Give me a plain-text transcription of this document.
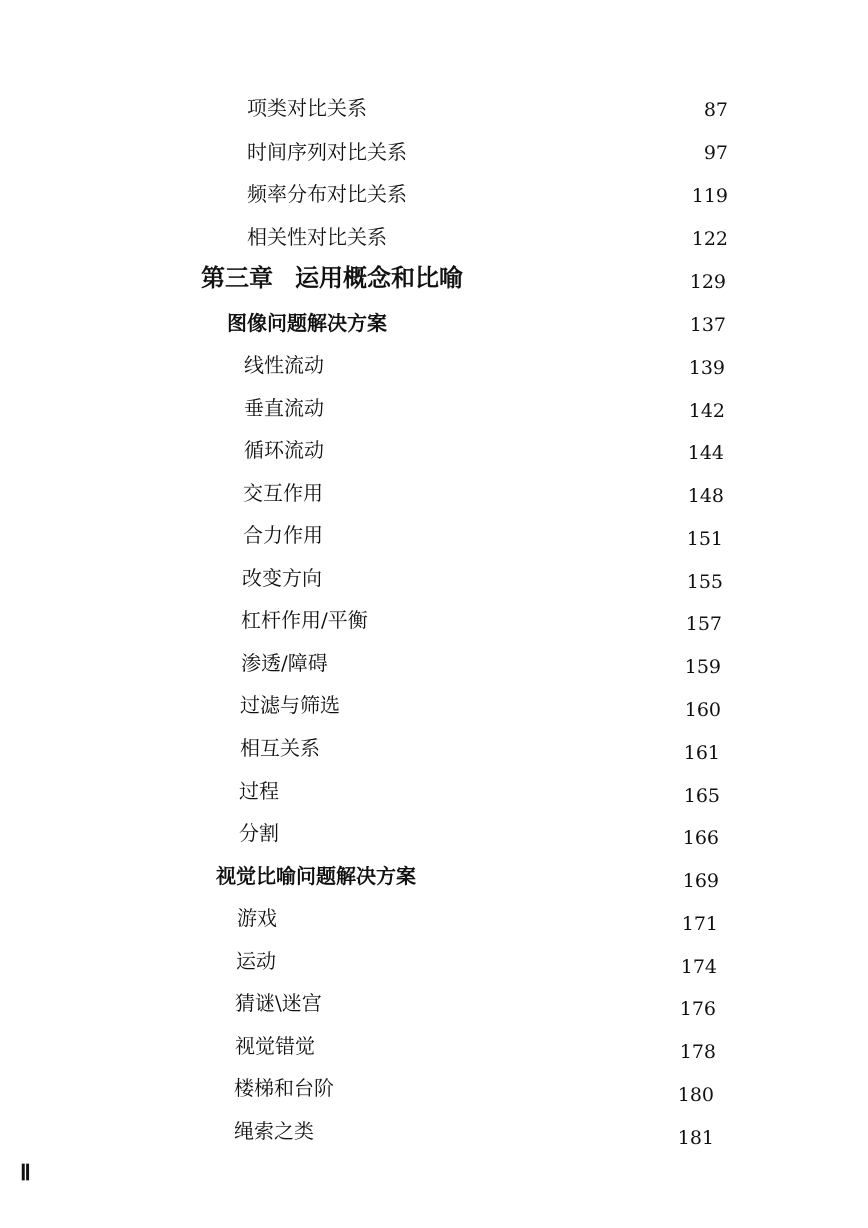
项类对比关系	87
时间序列对比关系	97
频率分布对比关系	119
相关性对比关系	122
第三章 运用概念和比喻	129
图像问题解决方案	137
线性流动	139
垂直流动	142
循环流动	144
交互作用	148
合力作用	151
改变方向	155
杠杆作用/平衡	157
渗透/障碍	159
过滤与筛选	160
相互关系	161
过程	165
分割	166
视觉比喻问题解决方案	169
游戏	171
运动	174
猜谜\迷宫	176
视觉错觉	178
楼梯和台阶	180
绳索之类	181
Ⅱ
